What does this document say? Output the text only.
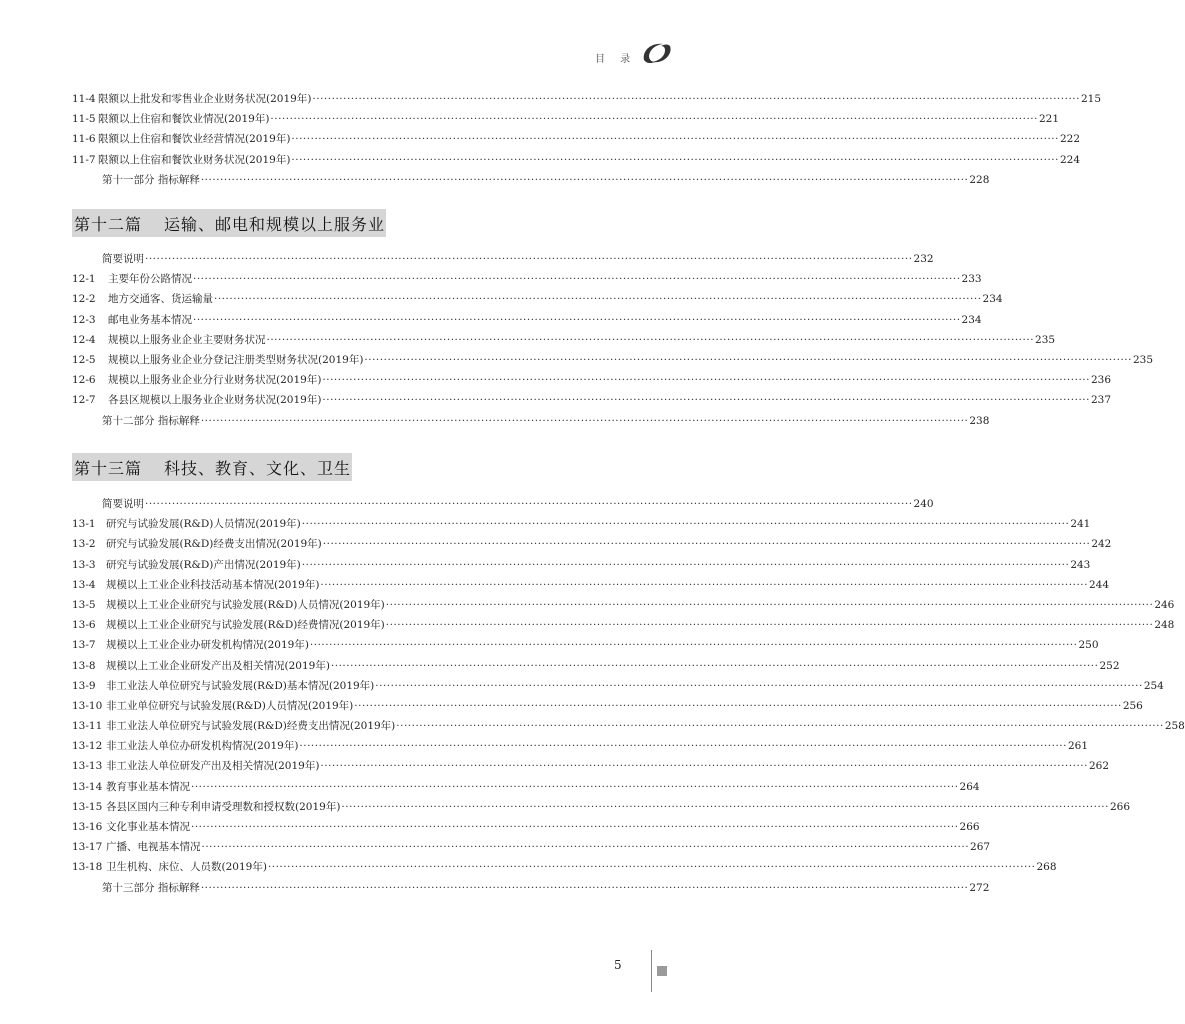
目 录
11-4 限额以上批发和零售业企业财务状况(2019年) ········································································································································································································ 215
11-5 限额以上住宿和餐饮业情况(2019年) ········································································································································································································ 221
11-6 限额以上住宿和餐饮业经营情况(2019年) ········································································································································································································ 222
11-7 限额以上住宿和餐饮业财务状况(2019年) ········································································································································································································ 224
第十一部分 指标解释 ········································································································································································································ 228
第十二篇 运输、邮电和规模以上服务业
简要说明 ········································································································································································································ 232
12-1 主要年份公路情况 ········································································································································································································ 233
12-2 地方交通客、货运输量 ········································································································································································································ 234
12-3 邮电业务基本情况 ········································································································································································································ 234
12-4 规模以上服务业企业主要财务状况 ········································································································································································································ 235
12-5 规模以上服务业企业分登记注册类型财务状况(2019年) ········································································································································································································ 235
12-6 规模以上服务业企业分行业财务状况(2019年) ········································································································································································································ 236
12-7 各县区规模以上服务业企业财务状况(2019年) ········································································································································································································ 237
第十二部分 指标解释 ········································································································································································································ 238
第十三篇 科技、教育、文化、卫生
简要说明 ········································································································································································································ 240
13-1 研究与试验发展(R&D)人员情况(2019年) ········································································································································································································ 241
13-2 研究与试验发展(R&D)经费支出情况(2019年) ········································································································································································································ 242
13-3 研究与试验发展(R&D)产出情况(2019年) ········································································································································································································ 243
13-4 规模以上工业企业科技活动基本情况(2019年) ········································································································································································································ 244
13-5 规模以上工业企业研究与试验发展(R&D)人员情况(2019年) ········································································································································································································ 246
13-6 规模以上工业企业研究与试验发展(R&D)经费情况(2019年) ········································································································································································································ 248
13-7 规模以上工业企业办研发机构情况(2019年) ········································································································································································································ 250
13-8 规模以上工业企业研发产出及相关情况(2019年) ········································································································································································································ 252
13-9 非工业法人单位研究与试验发展(R&D)基本情况(2019年) ········································································································································································································ 254
13-10 非工业单位研究与试验发展(R&D)人员情况(2019年) ········································································································································································································ 256
13-11 非工业法人单位研究与试验发展(R&D)经费支出情况(2019年) ········································································································································································································ 258
13-12 非工业法人单位办研发机构情况(2019年) ········································································································································································································ 261
13-13 非工业法人单位研发产出及相关情况(2019年) ········································································································································································································ 262
13-14 教育事业基本情况 ········································································································································································································ 264
13-15 各县区国内三种专利申请受理数和授权数(2019年) ········································································································································································································ 266
13-16 文化事业基本情况 ········································································································································································································ 266
13-17 广播、电视基本情况 ········································································································································································································ 267
13-18 卫生机构、床位、人员数(2019年) ········································································································································································································ 268
第十三部分 指标解释 ········································································································································································································ 272
5
